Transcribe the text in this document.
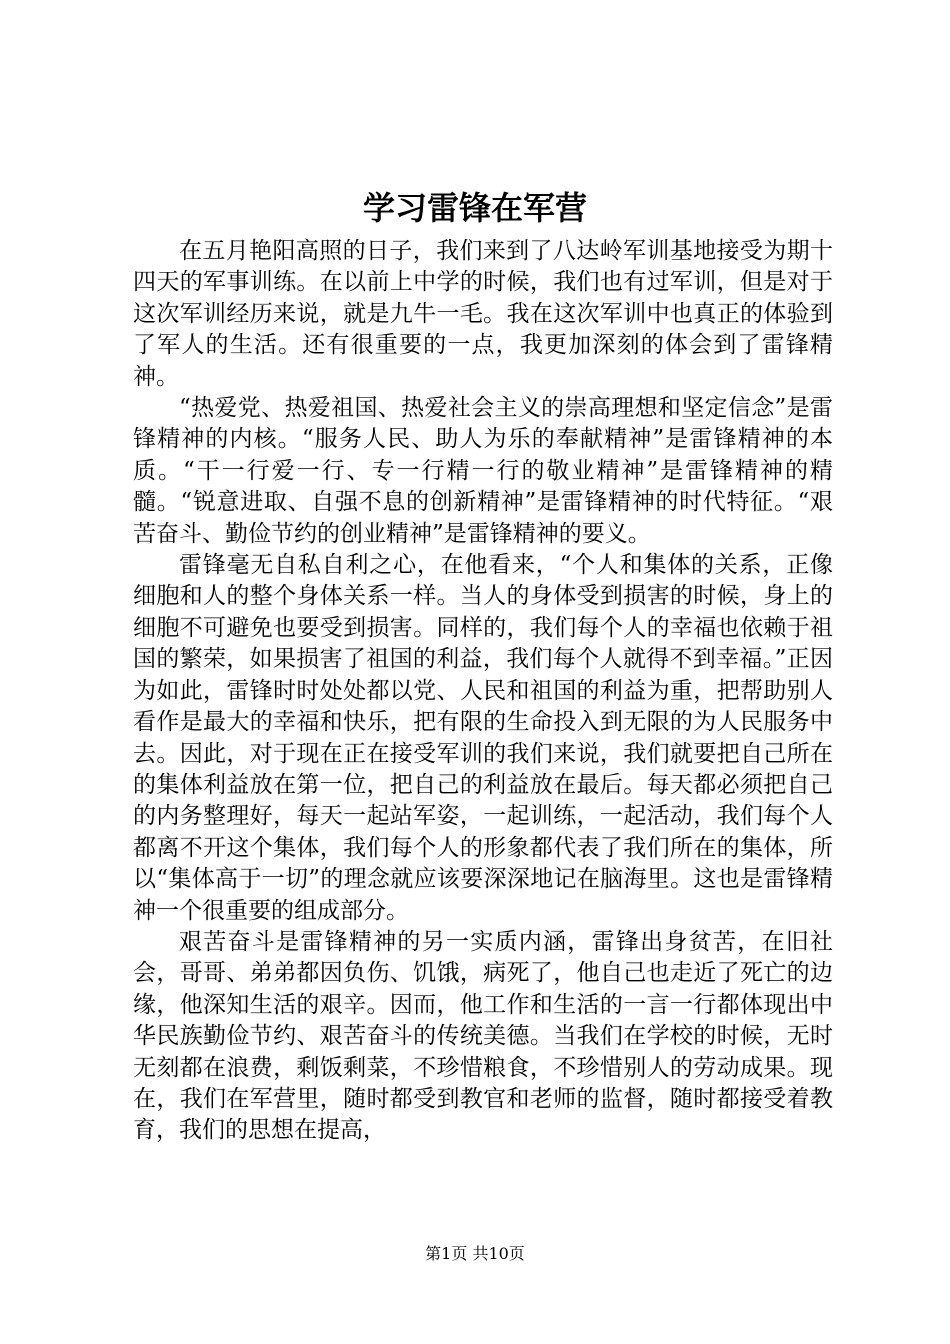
学习雷锋在军营

在五月艳阳高照的日子，我们来到了八达岭军训基地接受为期十四天的军事训练。在以前上中学的时候，我们也有过军训，但是对于这次军训经历来说，就是九牛一毛。我在这次军训中也真正的体验到了军人的生活。还有很重要的一点，我更加深刻的体会到了雷锋精神。

“热爱党、热爱祖国、热爱社会主义的崇高理想和坚定信念”是雷锋精神的内核。“服务人民、助人为乐的奉献精神”是雷锋精神的本质。“干一行爱一行、专一行精一行的敬业精神”是雷锋精神的精髓。“锐意进取、自强不息的创新精神”是雷锋精神的时代特征。“艰苦奋斗、勤俭节约的创业精神”是雷锋精神的要义。

雷锋毫无自私自利之心，在他看来，“个人和集体的关系，正像细胞和人的整个身体关系一样。当人的身体受到损害的时候，身上的细胞不可避免也要受到损害。同样的，我们每个人的幸福也依赖于祖国的繁荣，如果损害了祖国的利益，我们每个人就得不到幸福。”正因为如此，雷锋时时处处都以党、人民和祖国的利益为重，把帮助别人看作是最大的幸福和快乐，把有限的生命投入到无限的为人民服务中去。因此，对于现在正在接受军训的我们来说，我们就要把自己所在的集体利益放在第一位，把自己的利益放在最后。每天都必须把自己的内务整理好，每天一起站军姿，一起训练，一起活动，我们每个人都离不开这个集体，我们每个人的形象都代表了我们所在的集体，所以“集体高于一切”的理念就应该要深深地记在脑海里。这也是雷锋精神一个很重要的组成部分。

艰苦奋斗是雷锋精神的另一实质内涵，雷锋出身贫苦，在旧社会，哥哥、弟弟都因负伤、饥饿，病死了，他自己也走近了死亡的边缘，他深知生活的艰辛。因而，他工作和生活的一言一行都体现出中华民族勤俭节约、艰苦奋斗的传统美德。当我们在学校的时候，无时无刻都在浪费，剩饭剩菜，不珍惜粮食，不珍惜别人的劳动成果。现在，我们在军营里，随时都受到教官和老师的监督，随时都接受着教育，我们的思想在提高，

第1页 共10页
